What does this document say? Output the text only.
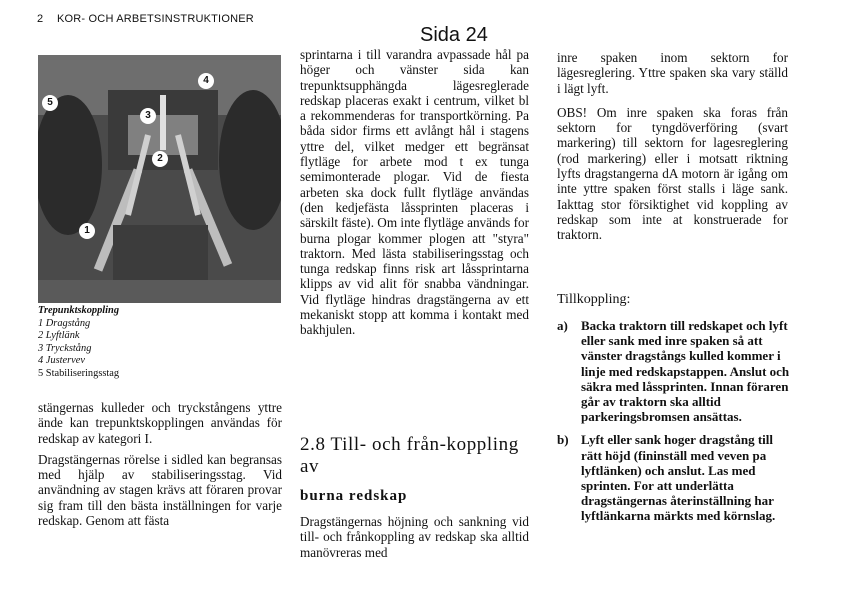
2 KOR- OCH ARBETSINSTRUKTIONER
Sida 24
1
2
3
4
5
Trepunktskoppling
1 Dragstång
2 Lyftlänk
3 Tryckstång
4 Justervev
5 Stabiliseringsstag

stängernas kulleder och tryckstångens yttre ände kan trepunktskopplingen användas för redskap av kategori I.

Dragstängernas rörelse i sidled kan begransas med hjälp av stabiliseringsstag. Vid användning av stagen krävs att föraren provar sig fram till den bästa inställningen for varje redskap. Genom att fästa

sprintarna i till varandra avpassade hål pa höger och vänster sida kan trepunktsupphängda lägesreglerade redskap placeras exakt i centrum, vilket bl a rekommenderas for transportkörning. Pa båda sidor firms ett avlångt hål i stagens yttre del, vilket medger ett begränsat flytläge for arbete mod t ex tunga semimonterade plogar. Vid de fiesta arbeten ska dock fullt flytläge användas (den kedjefästa låssprinten placeras i särskilt fäste). Om inte flytläge används for burna plogar kommer plogen att "styra" traktorn. Med lästa stabiliseringsstag och tunga redskap finns risk art låssprintarna klipps av vid alit för snabba vändningar. Vid flytläge hindras dragstängerna av ett mekaniskt stopp att komma i kontakt med bakhjulen.

2.8 Till- och från-koppling av
burna redskap

Dragstängernas höjning och sankning vid till- och frånkoppling av redskap ska alltid manövreras med

inre spaken inom sektorn for lägesreglering. Yttre spaken ska vary ställd i lägt lyft.

OBS! Om inre spaken ska foras från sektorn for tyngdöverföring (svart markering) till sektorn for lagesreglering (rod markering) eller i motsatt riktning lyfts dragstangerna dA motorn är igång om inte yttre spaken först stalls i läge sank. Iakttag stor försiktighet vid koppling av redskap som inte at konstruerade for traktorn.

Tillkoppling:
a)	Backa traktorn till redskapet och lyft eller sank med inre spaken så att vänster dragstångs kulled kommer i linje med redskapstappen. Anslut och säkra med låssprinten. Innan föraren går av traktorn ska alltid parkeringsbromsen ansättas.
b) Lyft eller sank hoger dragstång till rätt höjd (fininställ med veven pa lyftlänken) och anslut. Las med sprinten. For att underlätta dragstängernas återinställning har lyftlänkarna märkts med körnslag.
